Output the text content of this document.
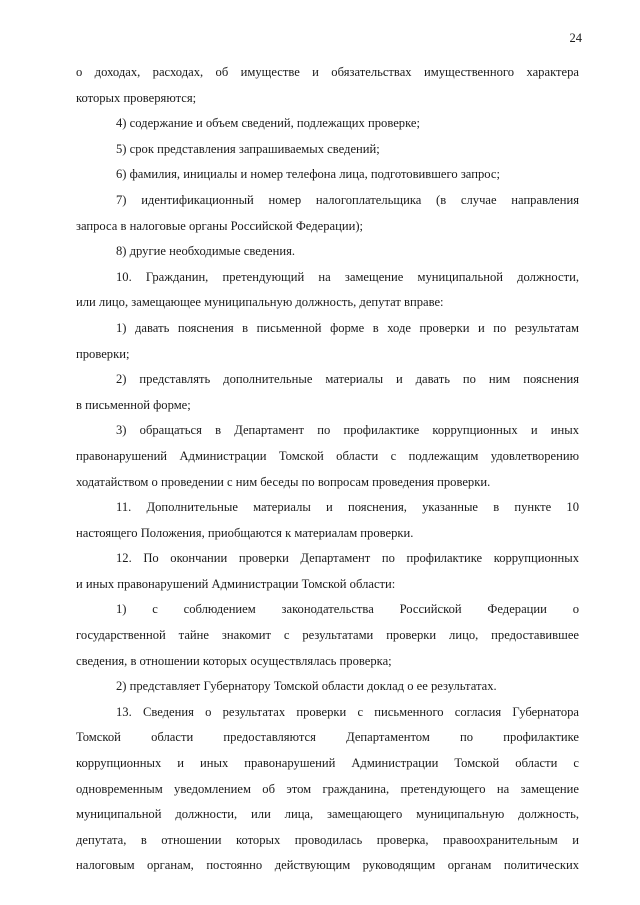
24

о доходах, расходах, об имуществе и обязательствах имущественного характера

которых проверяются;

4) содержание и объем сведений, подлежащих проверке;

5) срок представления запрашиваемых сведений;

6) фамилия, инициалы и номер телефона лица, подготовившего запрос;

7) идентификационный номер налогоплательщика (в случае направления

запроса в налоговые органы Российской Федерации);

8) другие необходимые сведения.

10. Гражданин, претендующий на замещение муниципальной должности,

или лицо, замещающее муниципальную должность, депутат вправе:

1) давать пояснения в письменной форме в ходе проверки и по результатам

проверки;

2) представлять дополнительные материалы и давать по ним пояснения

в письменной форме;

3) обращаться в Департамент по профилактике коррупционных и иных

правонарушений Администрации Томской области с подлежащим удовлетворению

ходатайством о проведении с ним беседы по вопросам проведения проверки.

11. Дополнительные материалы и пояснения, указанные в пункте 10

настоящего Положения, приобщаются к материалам проверки.

12. По окончании проверки Департамент по профилактике коррупционных

и иных правонарушений Администрации Томской области:

1) с соблюдением законодательства Российской Федерации о

государственной тайне знакомит с результатами проверки лицо, предоставившее

сведения, в отношении которых осуществлялась проверка;

2) представляет Губернатору Томской области доклад о ее результатах.

13. Сведения о результатах проверки с письменного согласия Губернатора

Томской области предоставляются Департаментом по профилактике

коррупционных и иных правонарушений Администрации Томской области с

одновременным уведомлением об этом гражданина, претендующего на замещение

муниципальной должности, или лица, замещающего муниципальную должность,

депутата, в отношении которых проводилась проверка, правоохранительным и

налоговым органам, постоянно действующим руководящим органам политических
